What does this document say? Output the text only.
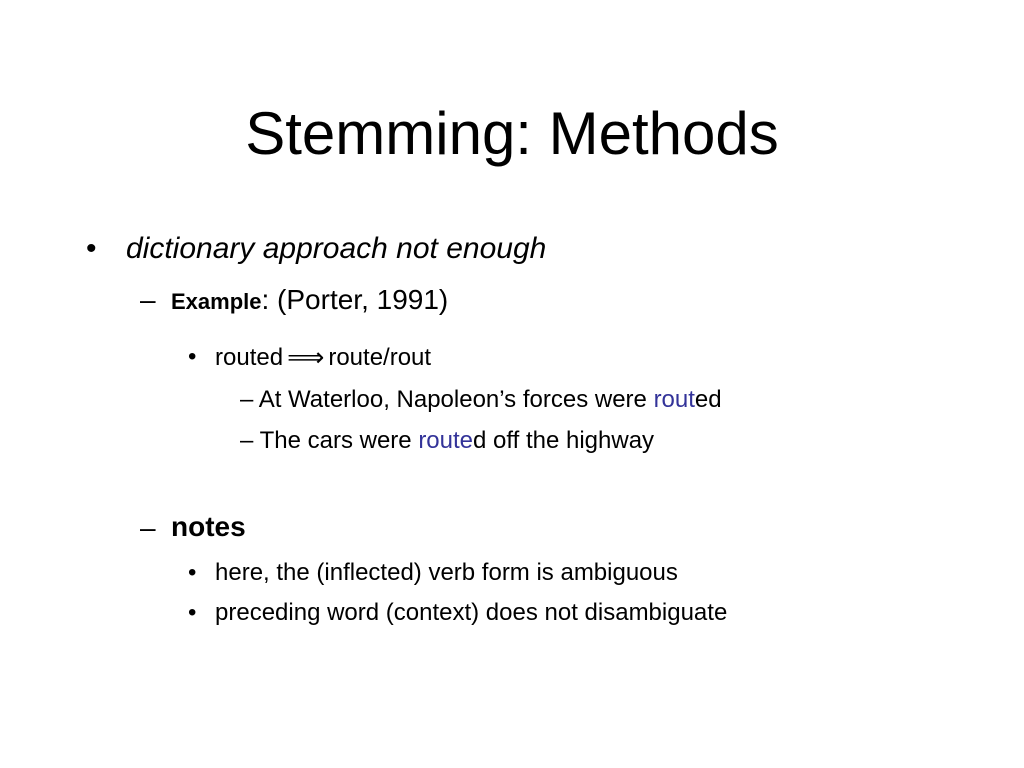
Stemming: Methods
• dictionary approach not enough
– Example: (Porter, 1991)
• routed ⟹ route/rout
– At Waterloo, Napoleon’s forces were routed
– The cars were routed off the highway
– notes
• here, the (inflected) verb form is ambiguous
• preceding word (context) does not disambiguate
